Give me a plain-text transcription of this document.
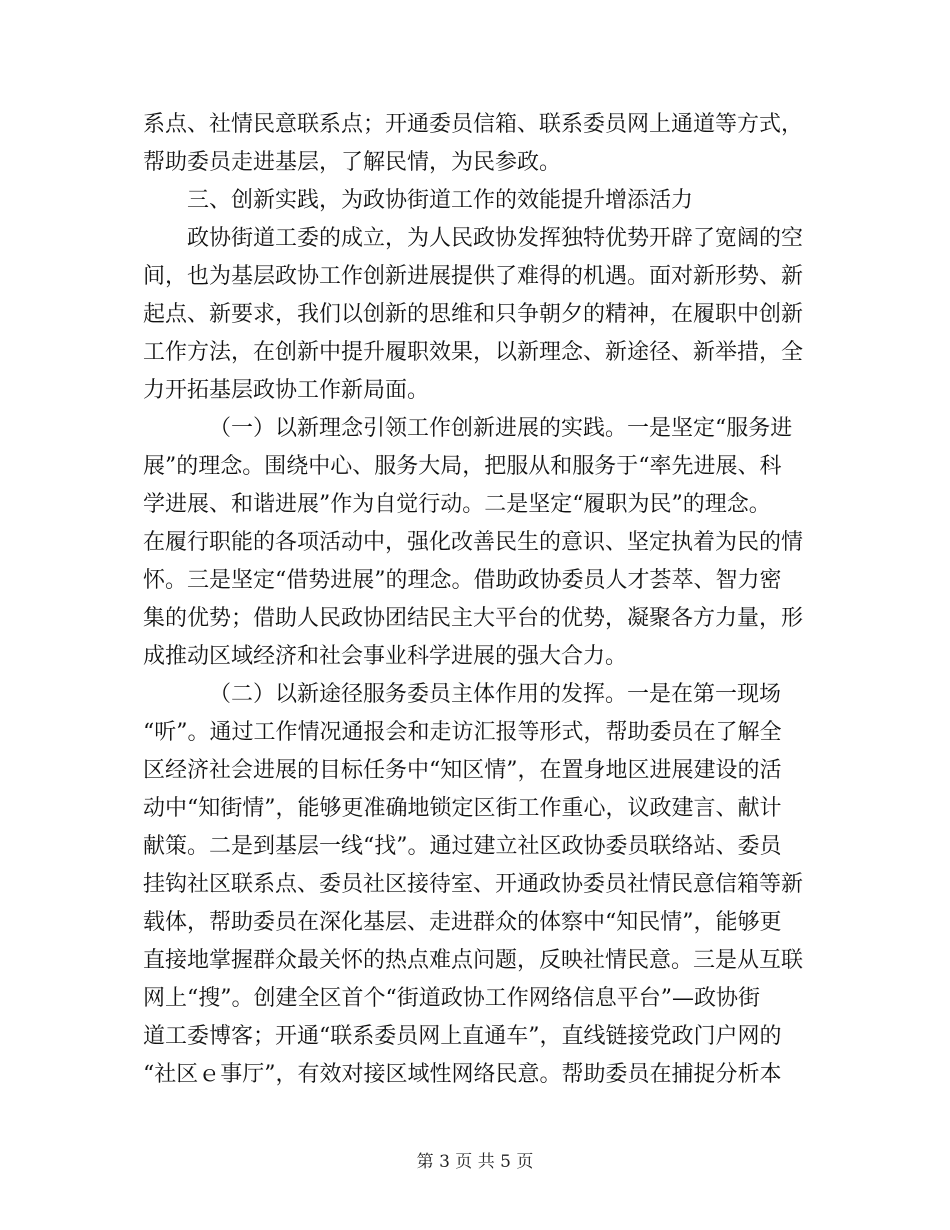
系点、社情民意联系点；开通委员信箱、联系委员网上通道等方式，
帮助委员走进基层，了解民情，为民参政。
三、创新实践，为政协街道工作的效能提升增添活力
政协街道工委的成立，为人民政协发挥独特优势开辟了宽阔的空
间，也为基层政协工作创新进展提供了难得的机遇。面对新形势、新
起点、新要求，我们以创新的思维和只争朝夕的精神，在履职中创新
工作方法，在创新中提升履职效果，以新理念、新途径、新举措，全
力开拓基层政协工作新局面。
（一）以新理念引领工作创新进展的实践。一是坚定“服务进
展”的理念。围绕中心、服务大局，把服从和服务于“率先进展、科
学进展、和谐进展”作为自觉行动。二是坚定“履职为民”的理念。
在履行职能的各项活动中，强化改善民生的意识、坚定执着为民的情
怀。三是坚定“借势进展”的理念。借助政协委员人才荟萃、智力密
集的优势；借助人民政协团结民主大平台的优势，凝聚各方力量，形
成推动区域经济和社会事业科学进展的强大合力。
（二）以新途径服务委员主体作用的发挥。一是在第一现场
“听”。通过工作情况通报会和走访汇报等形式，帮助委员在了解全
区经济社会进展的目标任务中“知区情”，在置身地区进展建设的活
动中“知街情”，能够更准确地锁定区街工作重心，议政建言、献计
献策。二是到基层一线“找”。通过建立社区政协委员联络站、委员
挂钩社区联系点、委员社区接待室、开通政协委员社情民意信箱等新
载体，帮助委员在深化基层、走进群众的体察中“知民情”，能够更
直接地掌握群众最关怀的热点难点问题，反映社情民意。三是从互联
网上“搜”。创建全区首个“街道政协工作网络信息平台”—政协街
道工委博客；开通“联系委员网上直通车”，直线链接党政门户网的
“社区ｅ事厅”，有效对接区域性网络民意。帮助委员在捕捉分析本
第 3 页 共 5 页
